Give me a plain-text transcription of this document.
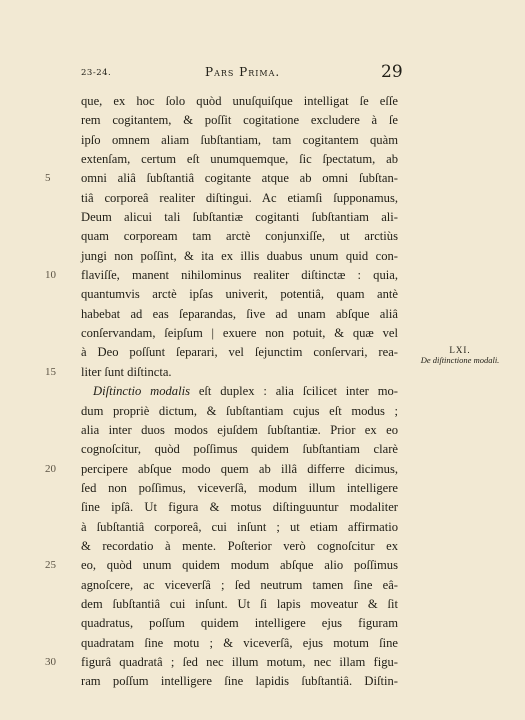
23-24.	Pars Prima.	29
que, ex hoc ſolo quòd unuſquiſque intelligat ſe eſſe
rem cogitantem, & poſſit cogitatione excludere à ſe
ipſo omnem aliam ſubſtantiam, tam cogitantem quàm
extenſam, certum eſt unumquemque, ſic ſpectatum, ab
5	omni aliâ ſubſtantiâ cogitante atque ab omni ſubſtan-
tiâ corporeâ realiter diſtingui. Ac etiamſi ſupponamus,
Deum alicui tali ſubſtantiæ cogitanti ſubſtantiam ali-
quam corpoream tam arctè conjunxiſſe, ut arctiùs
jungi non poſſint, & ita ex illis duabus unum quid con-
10	flaviſſe, manent nihilominus realiter diſtinctæ : quia,
quantumvis arctè ipſas univerit, potentiâ, quam antè
habebat ad eas ſeparandas, ſive ad unam abſque aliâ
conſervandam, ſeipſum | exuere non potuit, & quæ vel
à Deo poſſunt ſeparari, vel ſejunctim conſervari, rea-
15	liter ſunt diſtincta.
Diſtinctio modalis eſt duplex : alia ſcilicet inter mo-
dum propriè dictum, & ſubſtantiam cujus eſt modus ;
alia inter duos modos ejuſdem ſubſtantiæ. Prior ex eo
cognoſcitur, quòd poſſimus quidem ſubſtantiam clarè
20	percipere abſque modo quem ab illâ differre dicimus,
ſed non poſſimus, viceverſâ, modum illum intelligere
ſine ipſâ. Ut figura & motus diſtinguuntur modaliter
à ſubſtantiâ corporeâ, cui inſunt ; ut etiam affirmatio
& recordatio à mente. Poſterior verò cognoſcitur ex
25	eo, quòd unum quidem modum abſque alio poſſimus
agnoſcere, ac viceverſâ ; ſed neutrum tamen ſine eâ-
dem ſubſtantiâ cui inſunt. Ut ſi lapis moveatur & ſit
quadratus, poſſum quidem intelligere ejus figuram
quadratam ſine motu ; & viceverſâ, ejus motum ſine
30	figurâ quadratâ ; ſed nec illum motum, nec illam figu-
ram poſſum intelligere ſine lapidis ſubſtantiâ. Diſtin-
LXI.
De diſtinctione modali.
